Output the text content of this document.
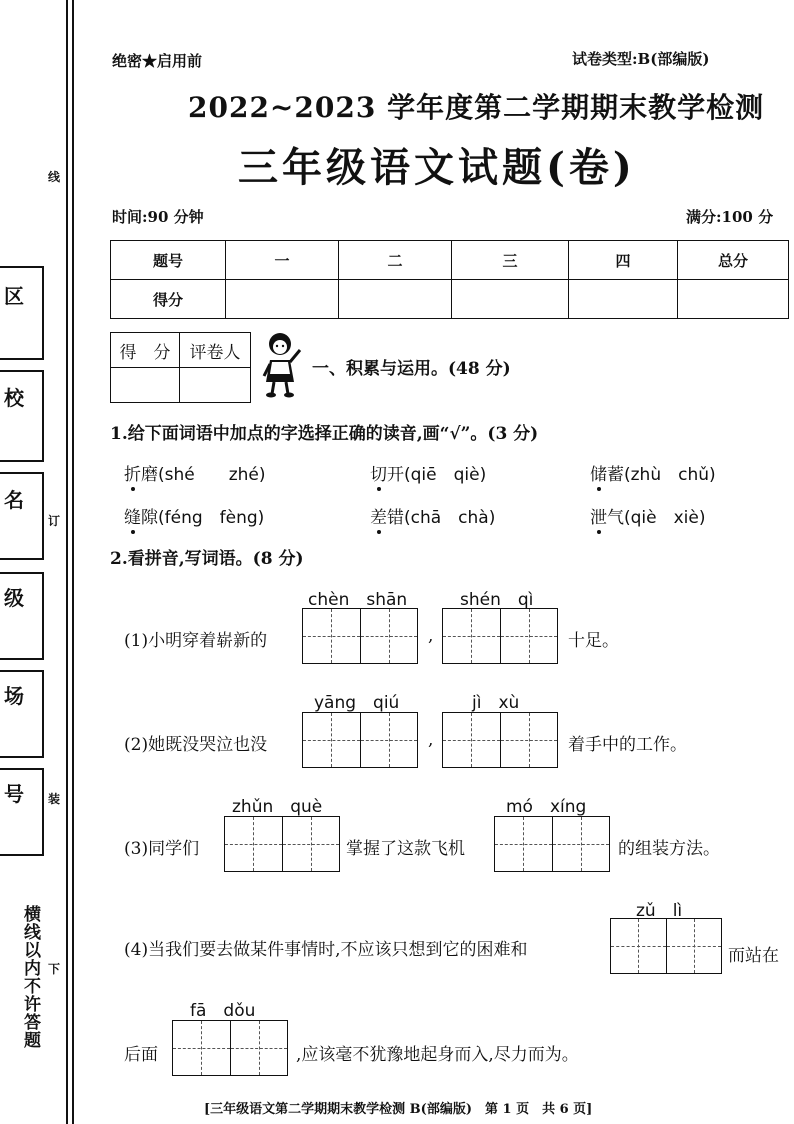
区
校
名
级
场
号
线
订
装
下
横线以内不许答题
绝密★启用前	试卷类型:B(部编版)
2022~2023 学年度第二学期期末教学检测
三年级语文试题(卷)
时间:90 分钟	满分:100 分
题号	一	二	三	四	总分
得分					
得　分	评卷人

一、积累与运用。(48 分)
1.给下面词语中加点的字选择正确的读音,画“√”。(3 分)
折磨(shé　　zhé)	切开(qiē　qiè)	储蓄(zhù　chǔ)
缝隙(féng　fèng)	差错(chā　chà)	泄气(qiè　xiè)
2.看拼音,写词语。(8 分)
chèn　shān	shén　qì
(1)小明穿着崭新的	,	十足。
yāng　qiú	jì　xù
(2)她既没哭泣也没	,	着手中的工作。
zhǔn　què	mó　xíng
(3)同学们	掌握了这款飞机	的组装方法。
zǔ　lì
(4)当我们要去做某件事情时,不应该只想到它的困难和	而站在
fā　dǒu
后面	,应该毫不犹豫地起身而入,尽力而为。
[三年级语文第二学期期末教学检测 B(部编版)　第 1 页　共 6 页]
